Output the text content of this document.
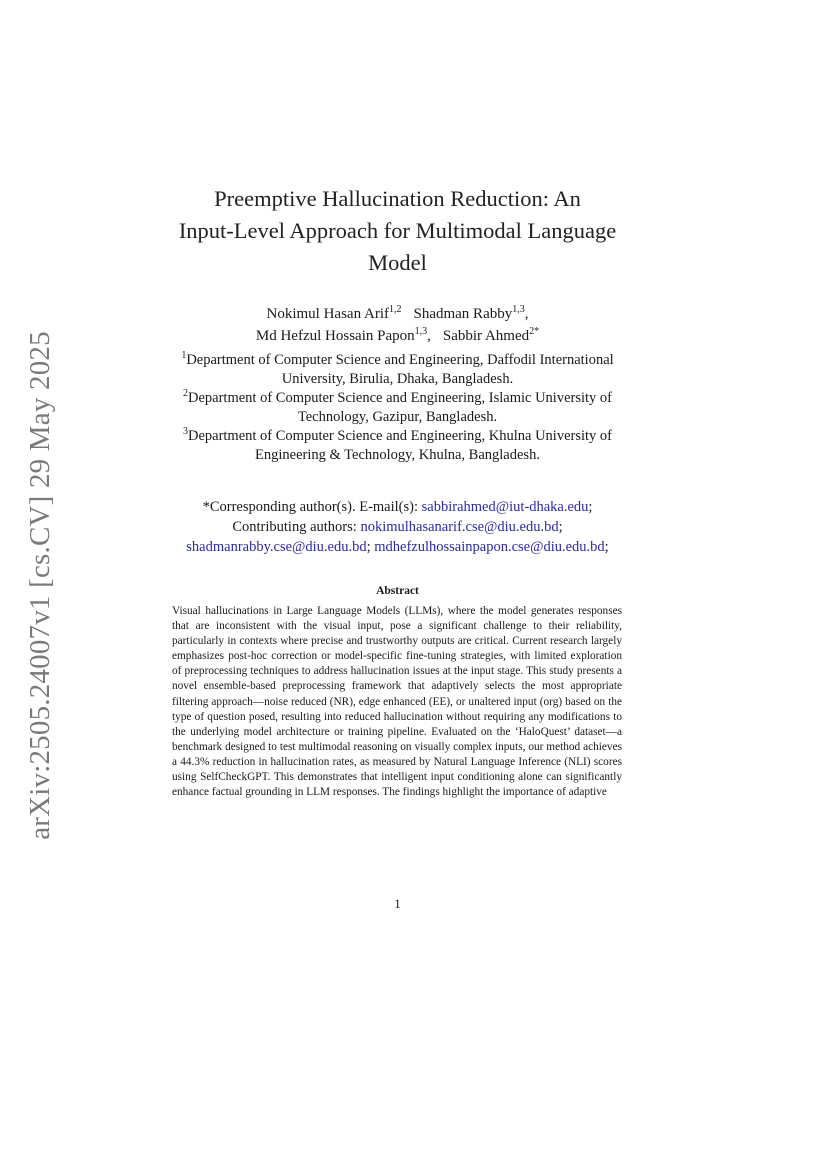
arXiv:2505.24007v1 [cs.CV] 29 May 2025
Preemptive Hallucination Reduction: An
Input-Level Approach for Multimodal Language
Model
Nokimul Hasan Arif$^{1,2}$ Shadman Rabby$^{1,3}$,
Md Hefzul Hossain Papon$^{1,3}$, Sabbir Ahmed$^{2*}$
$^1$Department of Computer Science and Engineering, Daffodil International University, Birulia, Dhaka, Bangladesh.
$^2$Department of Computer Science and Engineering, Islamic University of Technology, Gazipur, Bangladesh.
$^3$Department of Computer Science and Engineering, Khulna University of Engineering & Technology, Khulna, Bangladesh.
*Corresponding author(s). E-mail(s): sabbirahmed@iut-dhaka.edu;
Contributing authors: nokimulhasanarif.cse@diu.edu.bd;
shadmanrabby.cse@diu.edu.bd; mdhefzulhossainpapon.cse@diu.edu.bd;
Abstract

Visual hallucinations in Large Language Models (LLMs), where the model generates responses that are inconsistent with the visual input, pose a significant challenge to their reliability, particularly in contexts where precise and trustworthy outputs are critical. Current research largely emphasizes post-hoc correction or model-specific fine-tuning strategies, with limited exploration of preprocessing techniques to address hallucination issues at the input stage. This study presents a novel ensemble-based preprocessing framework that adaptively selects the most appropriate filtering approach—noise reduced (NR), edge enhanced (EE), or unaltered input (org) based on the type of question posed, resulting into reduced hallucination without requiring any modifications to the underlying model architecture or training pipeline. Evaluated on the ‘HaloQuest’ dataset—a benchmark designed to test multimodal reasoning on visually complex inputs, our method achieves a 44.3% reduction in hallucination rates, as measured by Natural Language Inference (NLI) scores using SelfCheckGPT. This demonstrates that intelligent input conditioning alone can significantly enhance factual grounding in LLM responses. The findings highlight the importance of adaptive

1
